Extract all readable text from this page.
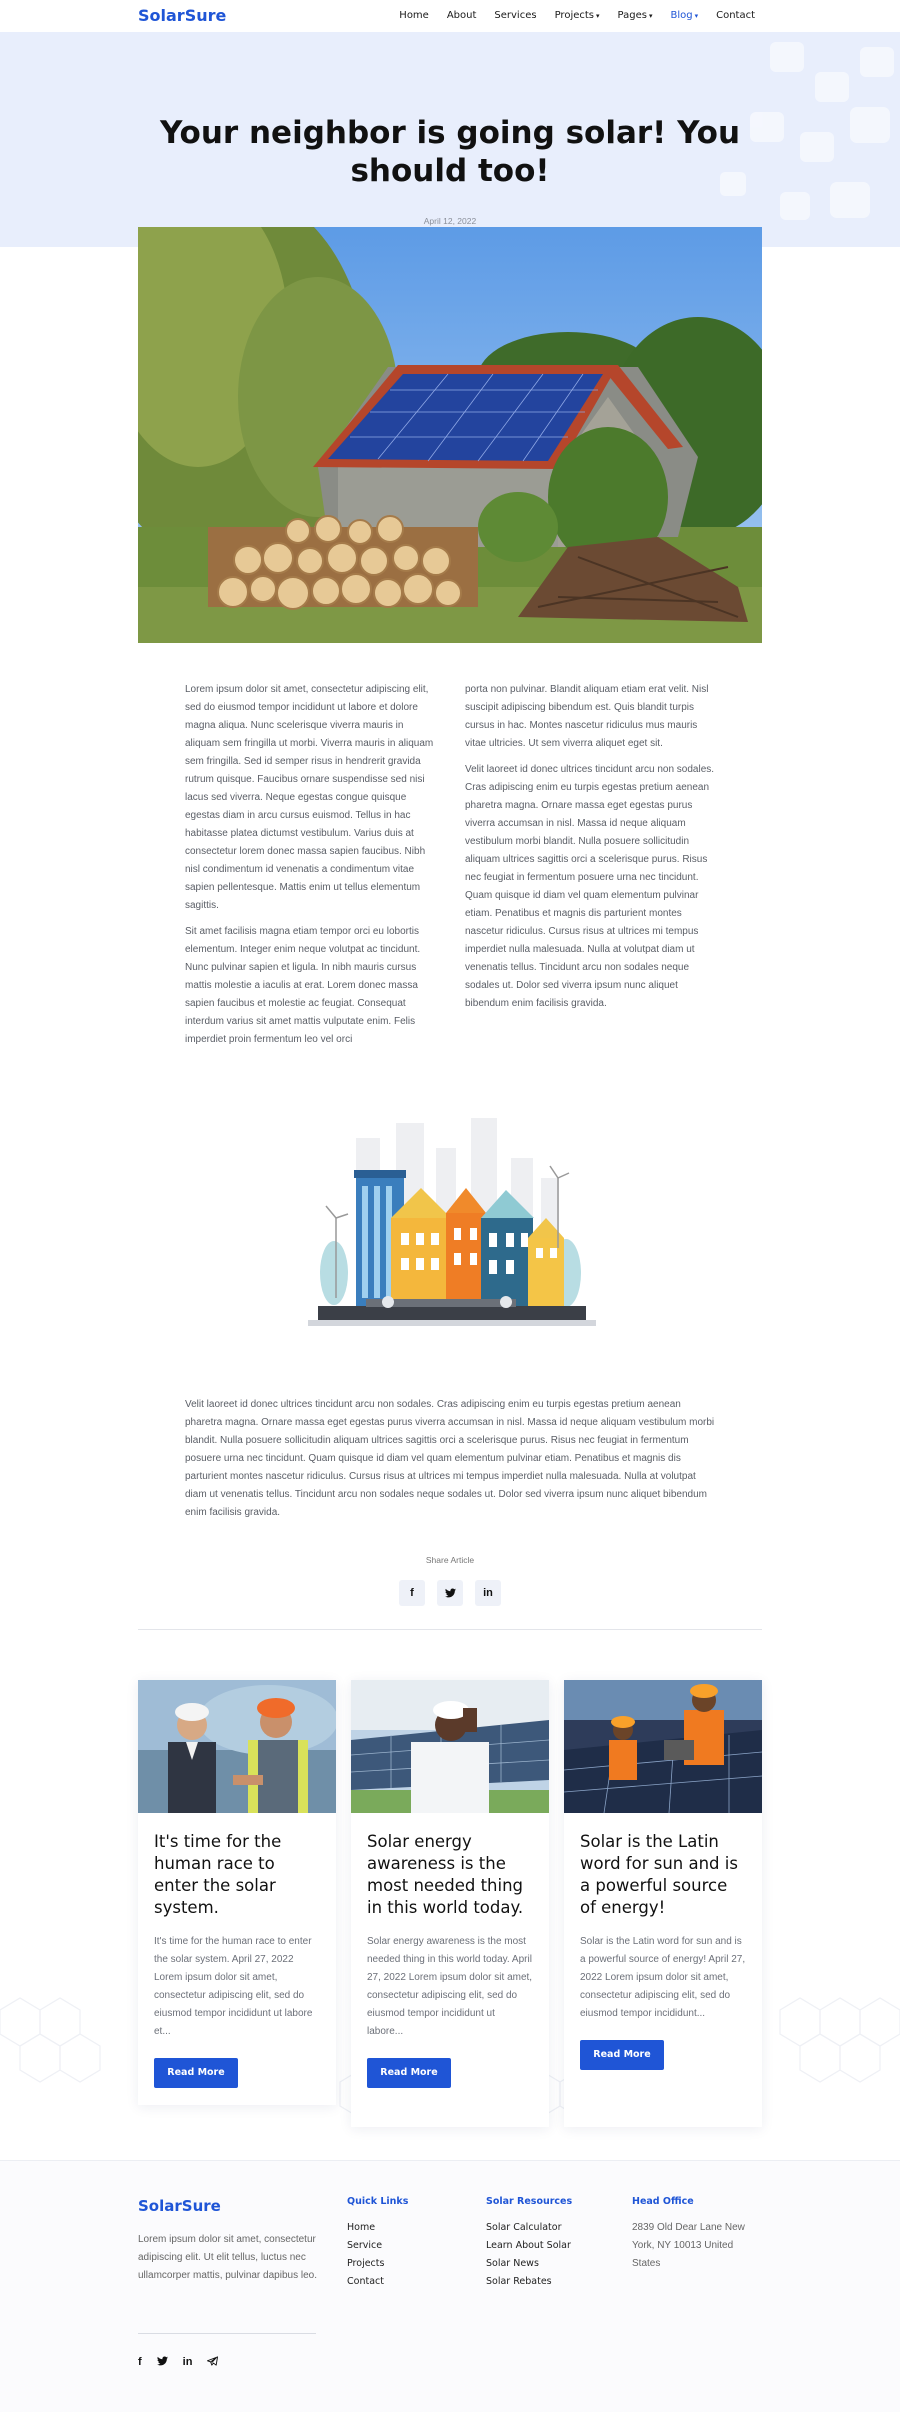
SolarSure	Home About Services Projects ▾ Pages ▾ Blog ▾ Contact
Your neighbor is going solar! You should too!
April 12, 2022

Lorem ipsum dolor sit amet, consectetur adipiscing elit, sed do eiusmod tempor incididunt ut labore et dolore magna aliqua. Nunc scelerisque viverra mauris in aliquam sem fringilla ut morbi. Viverra mauris in aliquam sem fringilla. Sed id semper risus in hendrerit gravida rutrum quisque. Faucibus ornare suspendisse sed nisi lacus sed viverra. Neque egestas congue quisque egestas diam in arcu cursus euismod. Tellus in hac habitasse platea dictumst vestibulum. Varius duis at consectetur lorem donec massa sapien faucibus. Nibh nisl condimentum id venenatis a condimentum vitae sapien pellentesque. Mattis enim ut tellus elementum sagittis.

Sit amet facilisis magna etiam tempor orci eu lobortis elementum. Integer enim neque volutpat ac tincidunt. Nunc pulvinar sapien et ligula. In nibh mauris cursus mattis molestie a iaculis at erat. Lorem donec massa sapien faucibus et molestie ac feugiat. Consequat interdum varius sit amet mattis vulputate enim. Felis imperdiet proin fermentum leo vel orci

porta non pulvinar. Blandit aliquam etiam erat velit. Nisl suscipit adipiscing bibendum est. Quis blandit turpis cursus in hac. Montes nascetur ridiculus mus mauris vitae ultricies. Ut sem viverra aliquet eget sit.

Velit laoreet id donec ultrices tincidunt arcu non sodales. Cras adipiscing enim eu turpis egestas pretium aenean pharetra magna. Ornare massa eget egestas purus viverra accumsan in nisl. Massa id neque aliquam vestibulum morbi blandit. Nulla posuere sollicitudin aliquam ultrices sagittis orci a scelerisque purus. Risus nec feugiat in fermentum posuere urna nec tincidunt. Quam quisque id diam vel quam elementum pulvinar etiam. Penatibus et magnis dis parturient montes nascetur ridiculus. Cursus risus at ultrices mi tempus imperdiet nulla malesuada. Nulla at volutpat diam ut venenatis tellus. Tincidunt arcu non sodales neque sodales ut. Dolor sed viverra ipsum nunc aliquet bibendum enim facilisis gravida.

Velit laoreet id donec ultrices tincidunt arcu non sodales. Cras adipiscing enim eu turpis egestas pretium aenean pharetra magna. Ornare massa eget egestas purus viverra accumsan in nisl. Massa id neque aliquam vestibulum morbi blandit. Nulla posuere sollicitudin aliquam ultrices sagittis orci a scelerisque purus. Risus nec feugiat in fermentum posuere urna nec tincidunt. Quam quisque id diam vel quam elementum pulvinar etiam. Penatibus et magnis dis parturient montes nascetur ridiculus. Cursus risus at ultrices mi tempus imperdiet nulla malesuada. Nulla at volutpat diam ut venenatis tellus. Tincidunt arcu non sodales neque sodales ut. Dolor sed viverra ipsum nunc aliquet bibendum enim facilisis gravida.
Share Article
f	in
It's time for the human race to enter the solar system.

It's time for the human race to enter the solar system. April 27, 2022 Lorem ipsum dolor sit amet, consectetur adipiscing elit, sed do eiusmod tempor incididunt ut labore et...

Read More
Solar energy awareness is the most needed thing in this world today.

Solar energy awareness is the most needed thing in this world today. April 27, 2022 Lorem ipsum dolor sit amet, consectetur adipiscing elit, sed do eiusmod tempor incididunt ut labore...

Read More
Solar is the Latin word for sun and is a powerful source of energy!

Solar is the Latin word for sun and is a powerful source of energy! April 27, 2022 Lorem ipsum dolor sit amet, consectetur adipiscing elit, sed do eiusmod tempor incididunt...

Read More
SolarSure
Lorem ipsum dolor sit amet, consectetur adipiscing elit. Ut elit tellus, luctus nec ullamcorper mattis, pulvinar dapibus leo.
f	in
Quick Links
Home
Service
Projects
Contact
Solar Resources
Solar Calculator
Learn About Solar
Solar News
Solar Rebates
Head Office
2839 Old Dear Lane New York, NY 10013 United States
